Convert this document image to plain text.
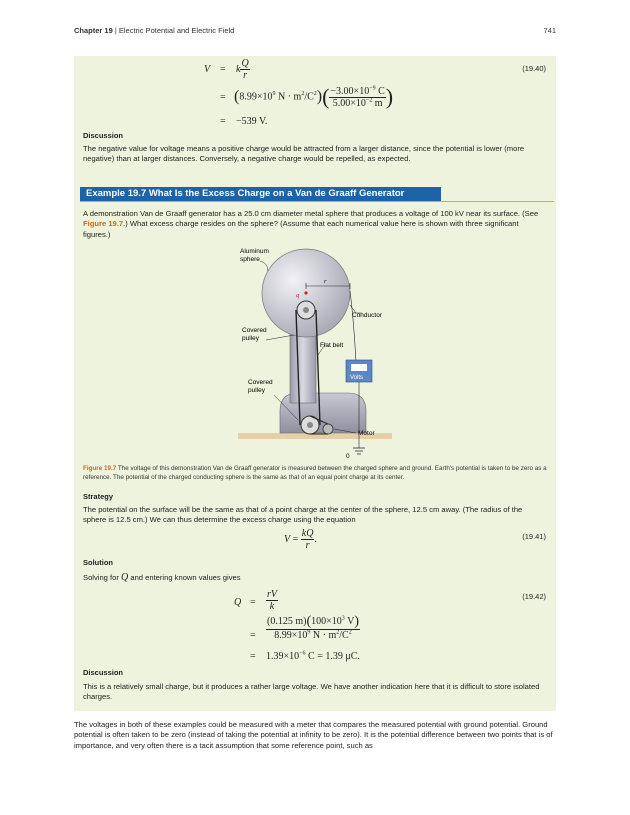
Chapter 19 | Electric Potential and Electric Field	741
(19.40)
V = k $\frac{Q}{r}$
= ($8.99\times 10^9$ $N \cdot m^2/C^2)( \frac{-3.00\times 10^{-9} C}{5.00\times 10^{-2} m}$ )
= −539 V.
Discussion
The negative value for voltage means a positive charge would be attracted from a larger distance, since the potential is lower (more negative) than at larger distances. Conversely, a negative charge would be repelled, as expected.
Example 19.7 What Is the Excess Charge on a Van de Graaff Generator
A demonstration Van de Graaff generator has a 25.0 cm diameter metal sphere that produces a voltage of 100 kV near its surface. (See Figure 19.7.) What excess charge resides on the sphere? (Assume that each numerical value here is shown with three significant figures.)
Figure 19.7 The voltage of this demonstration Van de Graaff generator is measured between the charged sphere and ground. Earth's potential is taken to be zero as a reference. The potential of the charged conducting sphere is the same as that of an equal point charge at its center.
Strategy
The potential on the surface will be the same as that of a point charge at the center of the sphere, 12.5 cm away. (The radius of the sphere is 12.5 cm.) We can thus determine the excess charge using the equation
(19.41)
$V = \frac{kQ}{r}$ .
Solution
Solving for Q and entering known values gives
(19.42)
$Q = \frac{rV}{k}$
= $\frac{(0.125 m)(100\times 10^3 V)}{8.99\times 10^9 N \cdot m^2/C^2}$
= $1.39\times 10^{-6}$ C = 1.39 μC.
Discussion
This is a relatively small charge, but it produces a rather large voltage. We have another indication here that it is difficult to store isolated charges.
Aluminum
sphere
q
r
Conductor
Covered
pulley
Flat belt
Volts
Covered
pulley
Motor
0
The voltages in both of these examples could be measured with a meter that compares the measured potential with ground potential. Ground potential is often taken to be zero (instead of taking the potential at infinity to be zero). It is the potential difference between two points that is of importance, and very often there is a tacit assumption that some reference point, such as
